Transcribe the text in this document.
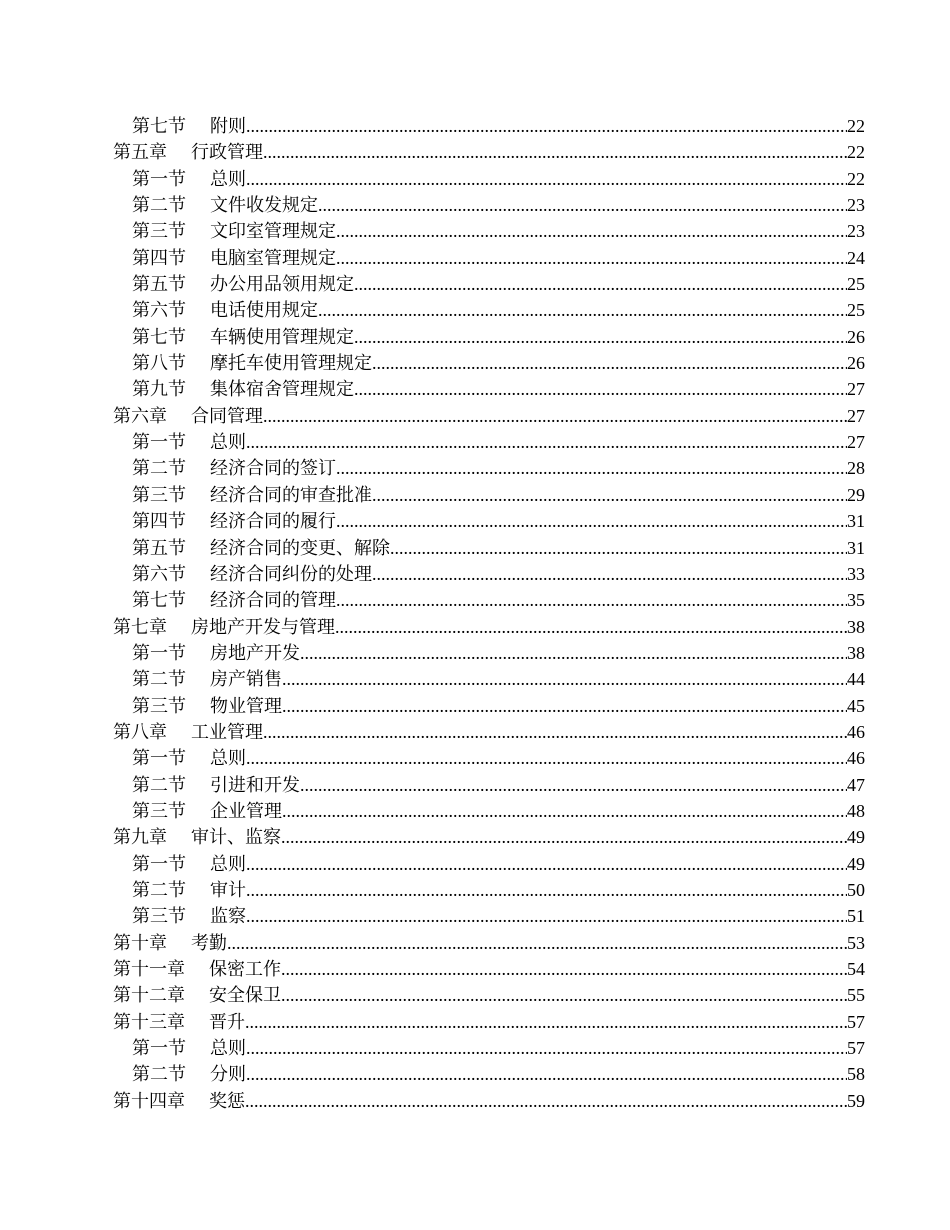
第七节 附则 .....	22
第五章 行政管理 .....	22
第一节 总则 .....	22
第二节 文件收发规定 .....	23
第三节 文印室管理规定 .....	23
第四节 电脑室管理规定 .....	24
第五节 办公用品领用规定 .....	25
第六节 电话使用规定 .....	25
第七节 车辆使用管理规定 .....	26
第八节 摩托车使用管理规定 .....	26
第九节 集体宿舍管理规定 .....	27
第六章 合同管理 .....	27
第一节 总则 .....	27
第二节 经济合同的签订 .....	28
第三节 经济合同的审查批准 .....	29
第四节 经济合同的履行 .....	31
第五节 经济合同的变更、解除 .....	31
第六节 经济合同纠份的处理 .....	33
第七节 经济合同的管理 .....	35
第七章 房地产开发与管理 .....	38
第一节 房地产开发 .....	38
第二节 房产销售 .....	44
第三节 物业管理 .....	45
第八章 工业管理 .....	46
第一节 总则 .....	46
第二节 引进和开发 .....	47
第三节 企业管理 .....	48
第九章 审计、监察 .....	49
第一节 总则 .....	49
第二节 审计 .....	50
第三节 监察 .....	51
第十章 考勤 .....	53
第十一章 保密工作 .....	54
第十二章 安全保卫 .....	55
第十三章 晋升 .....	57
第一节 总则 .....	57
第二节 分则 .....	58
第十四章 奖惩 .....	59
